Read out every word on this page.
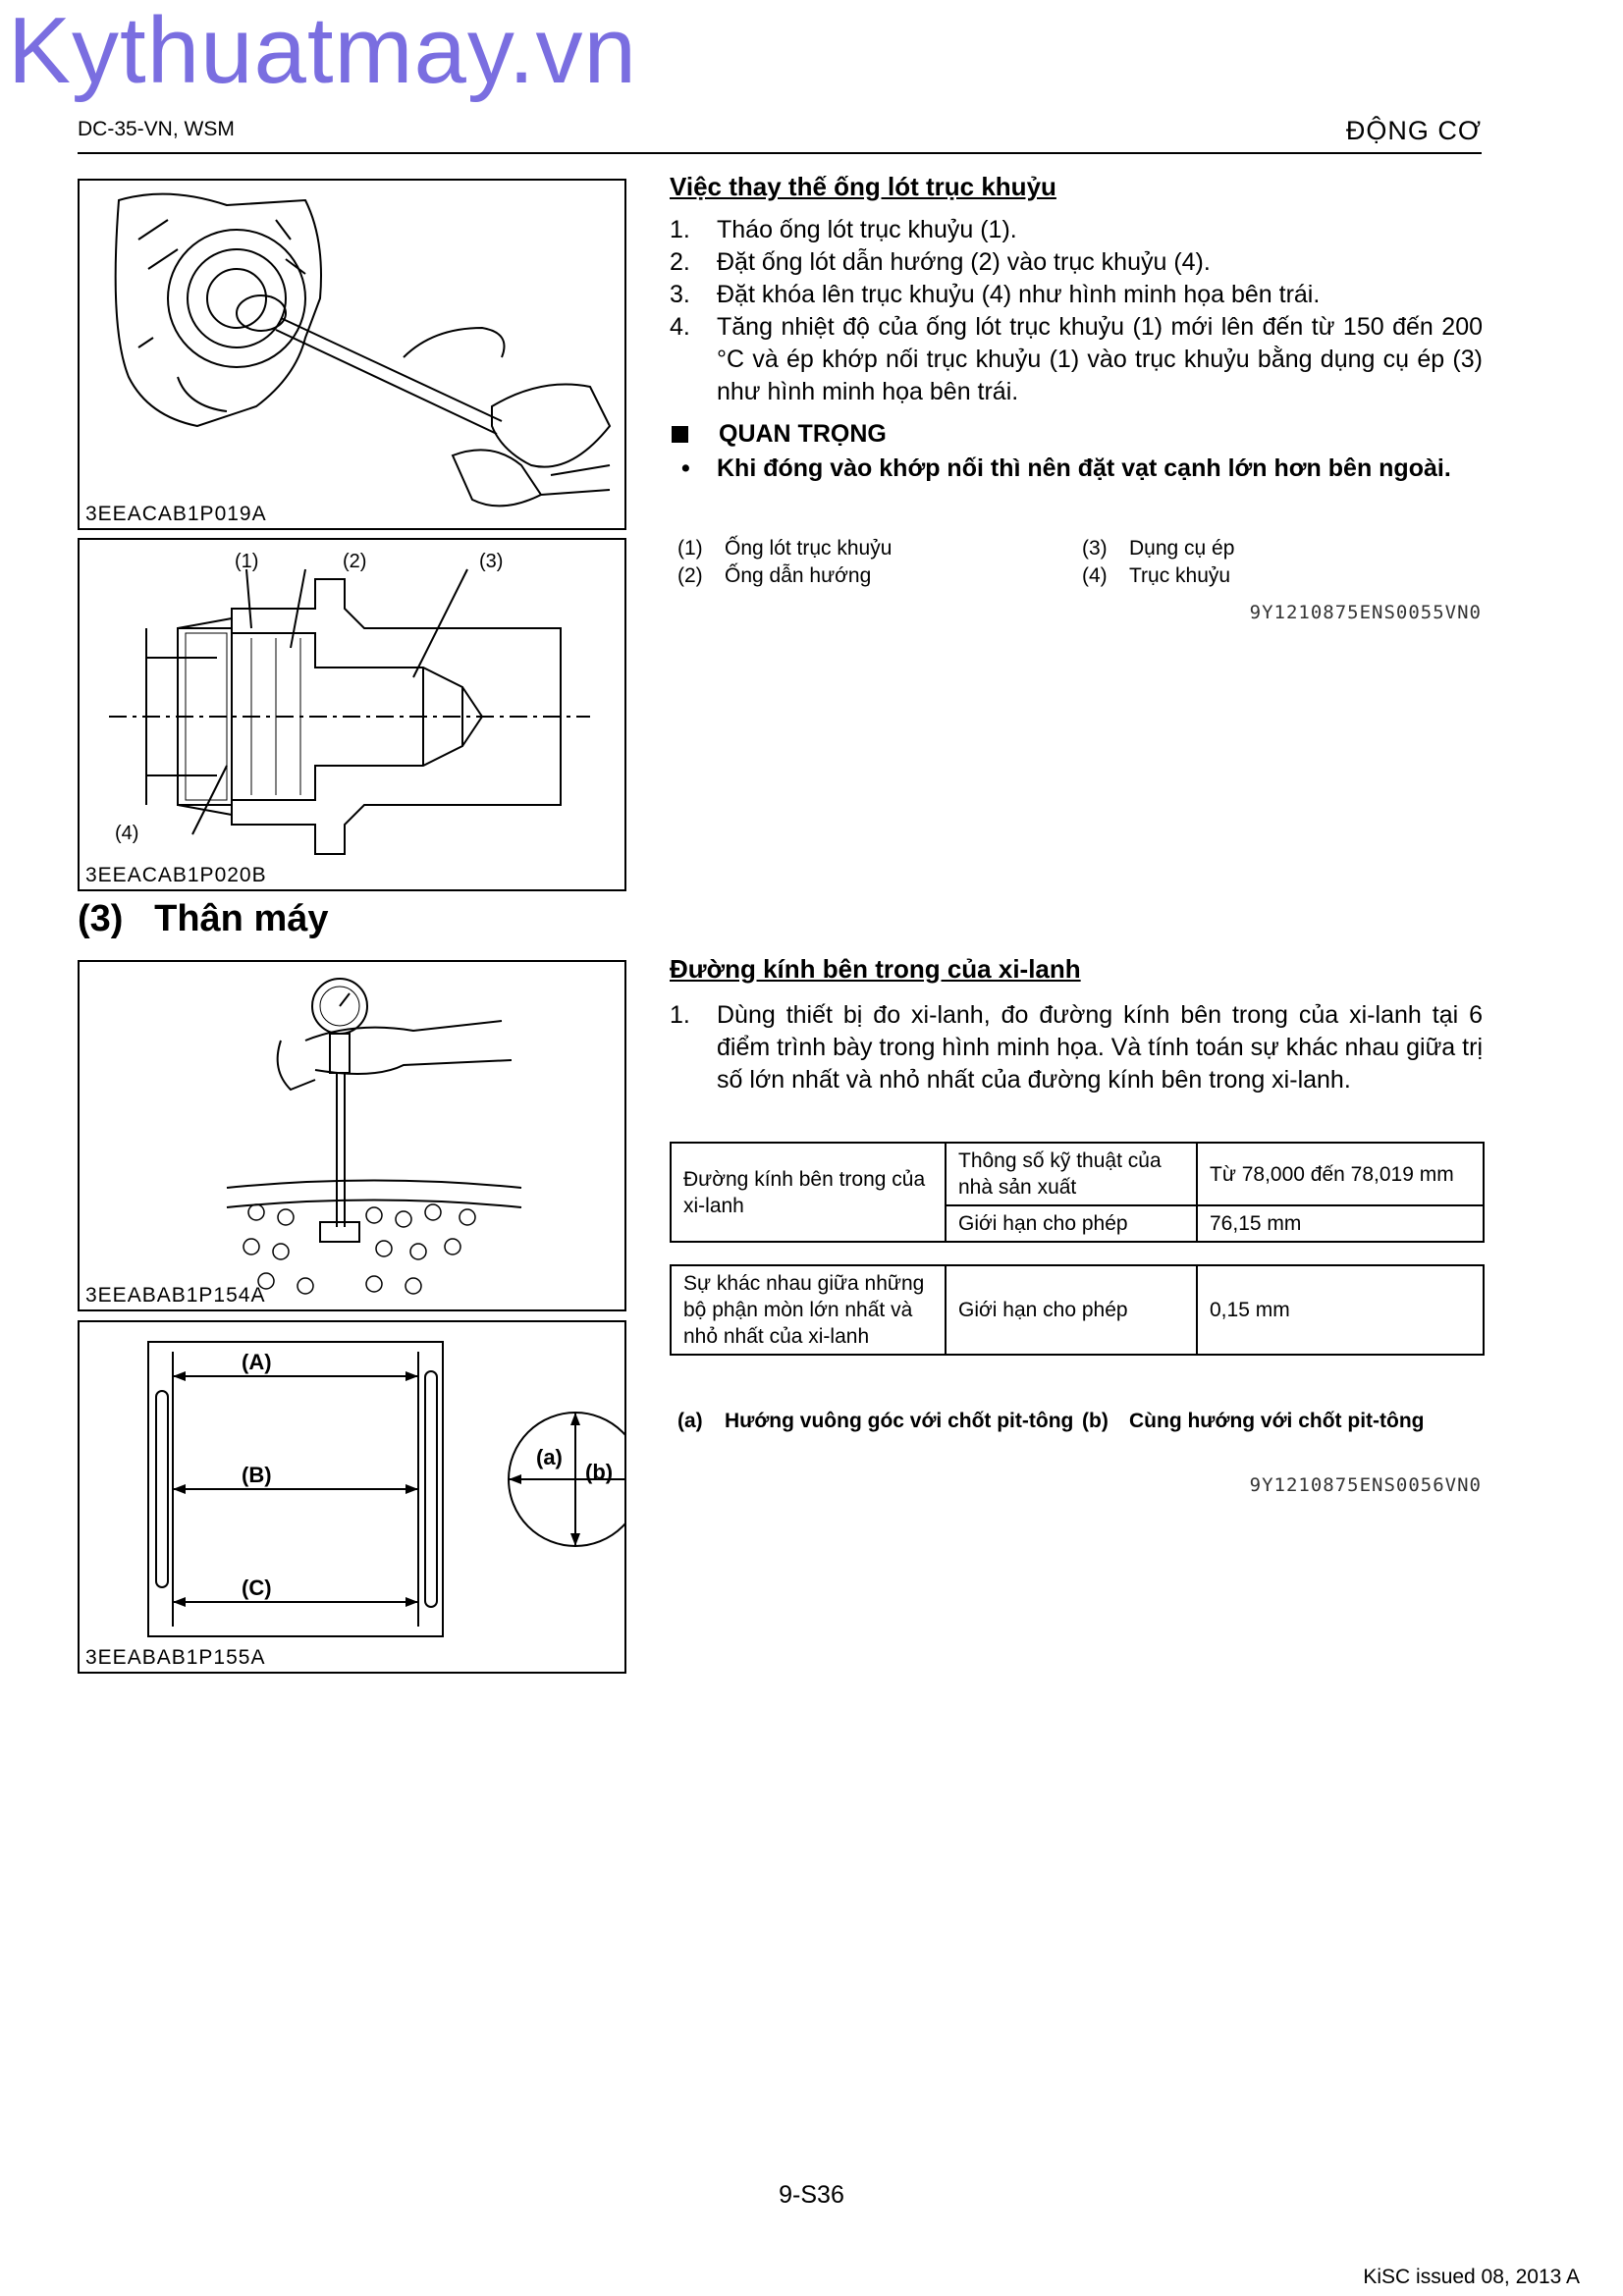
Kythuatmay.vn
DC-35-VN, WSM	ĐỘNG CƠ
3EEACAB1P019A
(1)	(2)	(3)
(4)
3EEACAB1P020B
Việc thay thế ống lót trục khuỷu
1. Tháo ống lót trục khuỷu (1).
2. Đặt ống lót dẫn hướng (2) vào trục khuỷu (4).
3. Đặt khóa lên trục khuỷu (4) như hình minh họa bên trái.
4. Tăng nhiệt độ của ống lót trục khuỷu (1) mới lên đến từ 150 đến 200 °C và ép khớp nối trục khuỷu (1) vào trục khuỷu bằng dụng cụ ép (3) như hình minh họa bên trái.
QUAN TRỌNG
• Khi đóng vào khớp nối thì nên đặt vạt cạnh lớn hơn bên ngoài.
(1) Ống lót trục khuỷu
(2) Ống dẫn hướng
(3) Dụng cụ ép
(4) Trục khuỷu
9Y1210875ENS0055VN0
(3)   Thân máy
3EEABAB1P154A
(A)
(B)
(C)
(a)
(b)
3EEABAB1P155A
Đường kính bên trong của xi-lanh
1. Dùng thiết bị đo xi-lanh, đo đường kính bên trong của xi-lanh tại 6 điểm trình bày trong hình minh họa. Và tính toán sự khác nhau giữa trị số lớn nhất và nhỏ nhất của đường kính bên trong xi-lanh.
Đường kính bên trong của xi-lanh	Thông số kỹ thuật của nhà sản xuất	Từ 78,000 đến 78,019 mm
	Giới hạn cho phép	76,15 mm
Sự khác nhau giữa những bộ phận mòn lớn nhất và nhỏ nhất của xi-lanh	Giới hạn cho phép	0,15 mm
(a) Hướng vuông góc với chốt pit-tông (b) Cùng hướng với chốt pit-tông
9Y1210875ENS0056VN0
9-S36
KiSC issued 08, 2013 A
